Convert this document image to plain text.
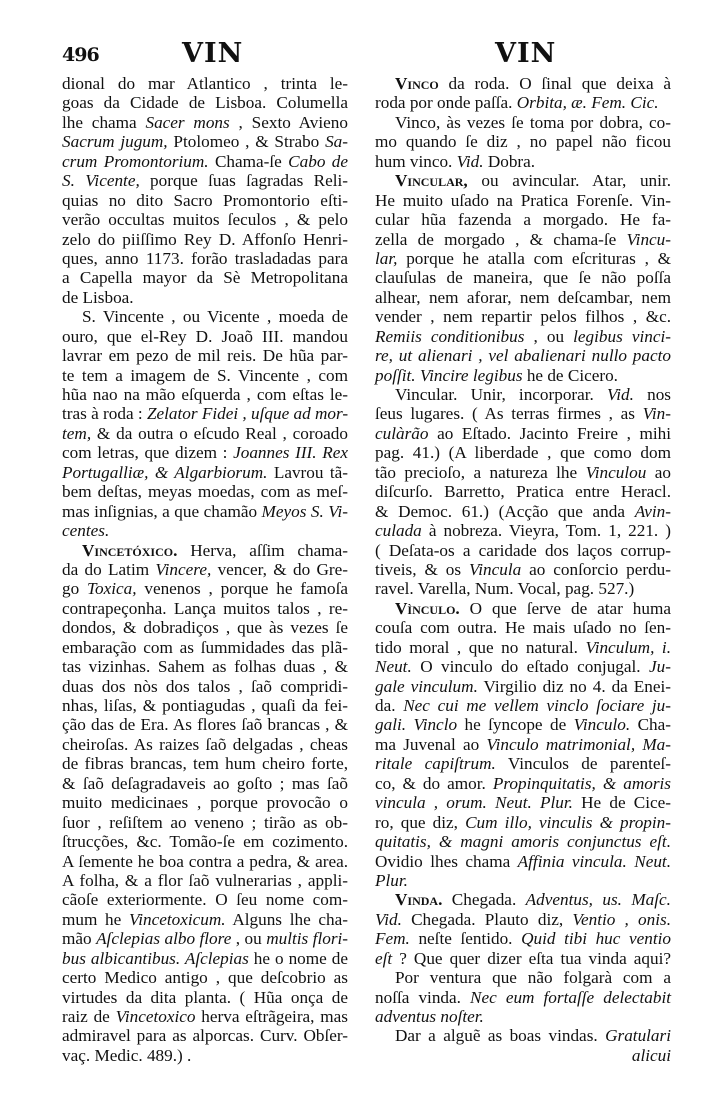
496	VIN	VIN
dional do mar Atlantico , trinta le-
goas da Cidade de Lisboa. Columella
lhe chama Sacer mons , Sexto Avieno
Sacrum jugum, Ptolomeo , & Strabo Sa-
crum Promontorium. Chama-ſe Cabo de
S. Vicente, porque ſuas ſagradas Reli-
quias no dito Sacro Promontorio eſti-
verão occultas muitos ſeculos , & pelo
zelo do piiſſimo Rey D. Affonſo Henri-
ques, anno 1173. forão trasladadas para
a Capella mayor da Sè Metropolitana
de Lisboa.
S. Vincente , ou Vicente , moeda de
ouro, que el-Rey D. Joaõ III. mandou
lavrar em pezo de mil reis. De hũa par-
te tem a imagem de S. Vincente , com
hũa nao na mão eſquerda , com eſtas le-
tras à roda : Zelator Fidei , uſque ad mor-
tem, & da outra o eſcudo Real , coroado
com letras, que dizem : Joannes III. Rex
Portugalliæ, & Algarbiorum. Lavrou tã-
bem deſtas, meyas moedas, com as meſ-
mas inſignias, a que chamão Meyos S. Vi-
centes.
Vincetóxico. Herva, aſſim chama-
da do Latim Vincere, vencer, & do Gre-
go Toxica, venenos , porque he famoſa
contrapeçonha. Lança muitos talos , re-
dondos, & dobradiços , que às vezes ſe
embaração com as ſummidades das plã-
tas vizinhas. Sahem as folhas duas , &
duas dos nòs dos talos , ſaõ compridi-
nhas, liſas, & pontiagudas , quaſi da fei-
ção das de Era. As flores ſaõ brancas , &
cheiroſas. As raizes ſaõ delgadas , cheas
de fibras brancas, tem hum cheiro forte,
& ſaõ deſagradaveis ao goſto ; mas ſaõ
muito medicinaes , porque provocão o
ſuor , reſiſtem ao veneno ; tirão as ob-
ſtrucções, &c. Tomão-ſe em cozimento.
A ſemente he boa contra a pedra, & area.
A folha, & a flor ſaõ vulnerarias , appli-
cãoſe exteriormente. O ſeu nome com-
mum he Vincetoxicum. Alguns lhe cha-
mão Aſclepias albo flore , ou multis flori-
bus albicantibus. Aſclepias he o nome de
certo Medico antigo , que deſcobrio as
virtudes da dita planta. ( Hũa onça de
raiz de Vincetoxico herva eſtrãgeira, mas
admiravel para as alporcas. Curv. Obſer-
vaç. Medic. 489.) .
Vinco da roda. O ſinal que deixa à
roda por onde paſſa. Orbita, æ. Fem. Cic.
Vinco, às vezes ſe toma por dobra, co-
mo quando ſe diz , no papel não ficou
hum vinco. Vid. Dobra.
Vincular, ou avincular. Atar, unir.
He muito uſado na Pratica Forenſe. Vin-
cular hũa fazenda a morgado. He fa-
zella de morgado , & chama-ſe Vincu-
lar, porque he atalla com eſcrituras , &
clauſulas de maneira, que ſe não poſſa
alhear, nem aforar, nem deſcambar, nem
vender , nem repartir pelos filhos , &c.
Remiis conditionibus , ou legibus vinci-
re, ut alienari , vel abalienari nullo pacto
poſſit. Vincire legibus he de Cicero.
Vincular. Unir, incorporar. Vid. nos
ſeus lugares. ( As terras firmes , as Vin-
culàrão ao Eſtado. Jacinto Freire , mihi
pag. 41.) (A liberdade , que como dom
tão precioſo, a natureza lhe Vinculou ao
diſcurſo. Barretto, Pratica entre Heracl.
& Democ. 61.) (Acção que anda Avin-
culada à nobreza. Vieyra, Tom. 1, 221. )
( Deſata-os a caridade dos laços corrup-
tiveis, & os Vincula ao conſorcio perdu-
ravel. Varella, Num. Vocal, pag. 527.)
Vìnculo. O que ſerve de atar huma
couſa com outra. He mais uſado no ſen-
tido moral , que no natural. Vinculum, i.
Neut. O vinculo do eſtado conjugal. Ju-
gale vinculum. Virgilio diz no 4. da Enei-
da. Nec cui me vellem vinclo ſociare ju-
gali. Vinclo he ſyncope de Vinculo. Cha-
ma Juvenal ao Vinculo matrimonial, Ma-
ritale capiſtrum. Vinculos de parenteſ-
co, & do amor. Propinquitatis, & amoris
vincula , orum. Neut. Plur. He de Cice-
ro, que diz, Cum illo, vinculis & propin-
quitatis, & magni amoris conjunctus eſt.
Ovidio lhes chama Affinia vincula. Neut.
Plur.
Vinda. Chegada. Adventus, us. Maſc.
Vid. Chegada. Plauto diz, Ventio , onis.
Fem. neſte ſentido. Quid tibi huc ventio
eſt ? Que quer dizer eſta tua vinda aqui?
Por ventura que não folgarà com a
noſſa vinda. Nec eum fortaſſe delectabit
adventus noſter.
Dar a alguẽ as boas vindas. Gratulari
alicui
